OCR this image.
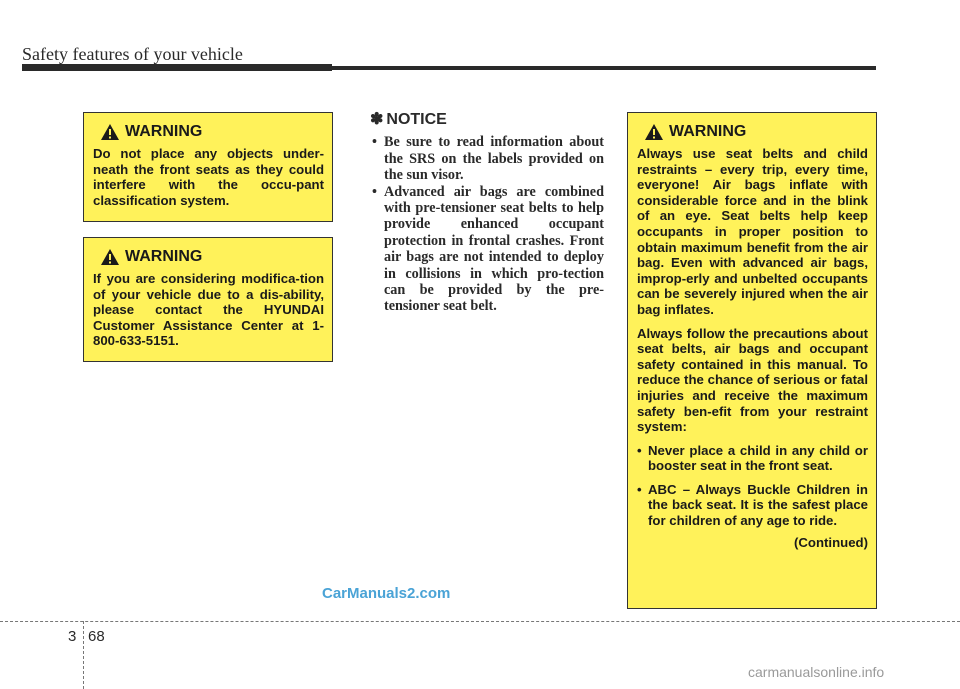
Safety features of your vehicle
WARNING

Do not place any objects under-neath the front seats as they could interfere with the occu-pant classification system.

WARNING

If you are considering modifica-tion of your vehicle due to a dis-ability, please contact the HYUNDAI Customer Assistance Center at 1-800-633-5151.

✽ NOTICE
• Be sure to read information about the SRS on the labels provided on the sun visor.
• Advanced air bags are combined with pre-tensioner seat belts to help provide enhanced occupant protection in frontal crashes. Front air bags are not intended to deploy in collisions in which pro-tection can be provided by the pre-tensioner seat belt.
WARNING

Always use seat belts and child restraints – every trip, every time, everyone! Air bags inflate with considerable force and in the blink of an eye. Seat belts help keep occupants in proper position to obtain maximum benefit from the air bag. Even with advanced air bags, improp-erly and unbelted occupants can be severely injured when the air bag inflates.

Always follow the precautions about seat belts, air bags and occupant safety contained in this manual. To reduce the chance of serious or fatal injuries and receive the maximum safety ben-efit from your restraint system:

• Never place a child in any child or booster seat in the front seat.
• ABC – Always Buckle Children in the back seat. It is the safest place for children of any age to ride.
(Continued)
CarManuals2.com
3 68
carmanualsonline.info
